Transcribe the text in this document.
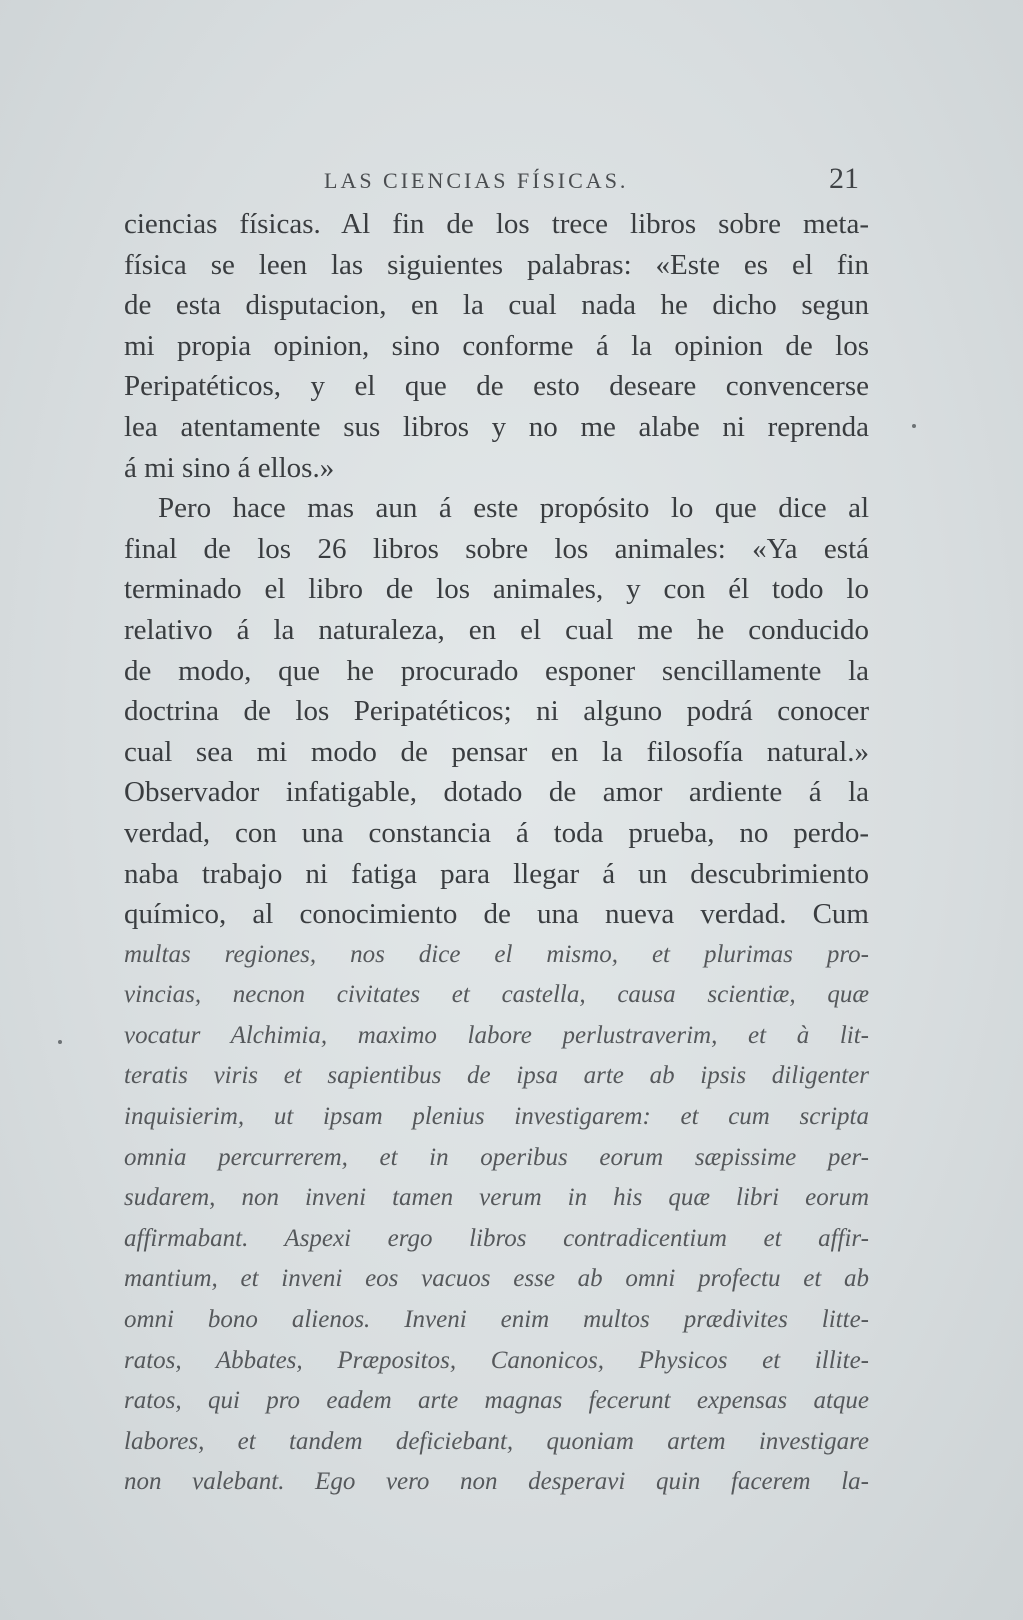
LAS CIENCIAS FÍSICAS.	21
ciencias físicas. Al fin de los trece libros sobre meta-
física se leen las siguientes palabras: «Este es el fin
de esta disputacion, en la cual nada he dicho segun
mi propia opinion, sino conforme á la opinion de los
Peripatéticos, y el que de esto deseare convencerse
lea atentamente sus libros y no me alabe ni reprenda
á mi sino á ellos.»
Pero hace mas aun á este propósito lo que dice al
final de los 26 libros sobre los animales: «Ya está
terminado el libro de los animales, y con él todo lo
relativo á la naturaleza, en el cual me he conducido
de modo, que he procurado esponer sencillamente la
doctrina de los Peripatéticos; ni alguno podrá conocer
cual sea mi modo de pensar en la filosofía natural.»
Observador infatigable, dotado de amor ardiente á la
verdad, con una constancia á toda prueba, no perdo-
naba trabajo ni fatiga para llegar á un descubrimiento
químico, al conocimiento de una nueva verdad. Cum
multas regiones, nos dice el mismo, et plurimas pro-
vincias, necnon civitates et castella, causa scientiæ, quæ
vocatur Alchimia, maximo labore perlustraverim, et à lit-
teratis viris et sapientibus de ipsa arte ab ipsis diligenter
inquisierim, ut ipsam plenius investigarem: et cum scripta
omnia percurrerem, et in operibus eorum sæpissime per-
sudarem, non inveni tamen verum in his quæ libri eorum
affirmabant. Aspexi ergo libros contradicentium et affir-
mantium, et inveni eos vacuos esse ab omni profectu et ab
omni bono alienos. Inveni enim multos prædivites litte-
ratos, Abbates, Præpositos, Canonicos, Physicos et illite-
ratos, qui pro eadem arte magnas fecerunt expensas atque
labores, et tandem deficiebant, quoniam artem investigare
non valebant. Ego vero non desperavi quin facerem la-
